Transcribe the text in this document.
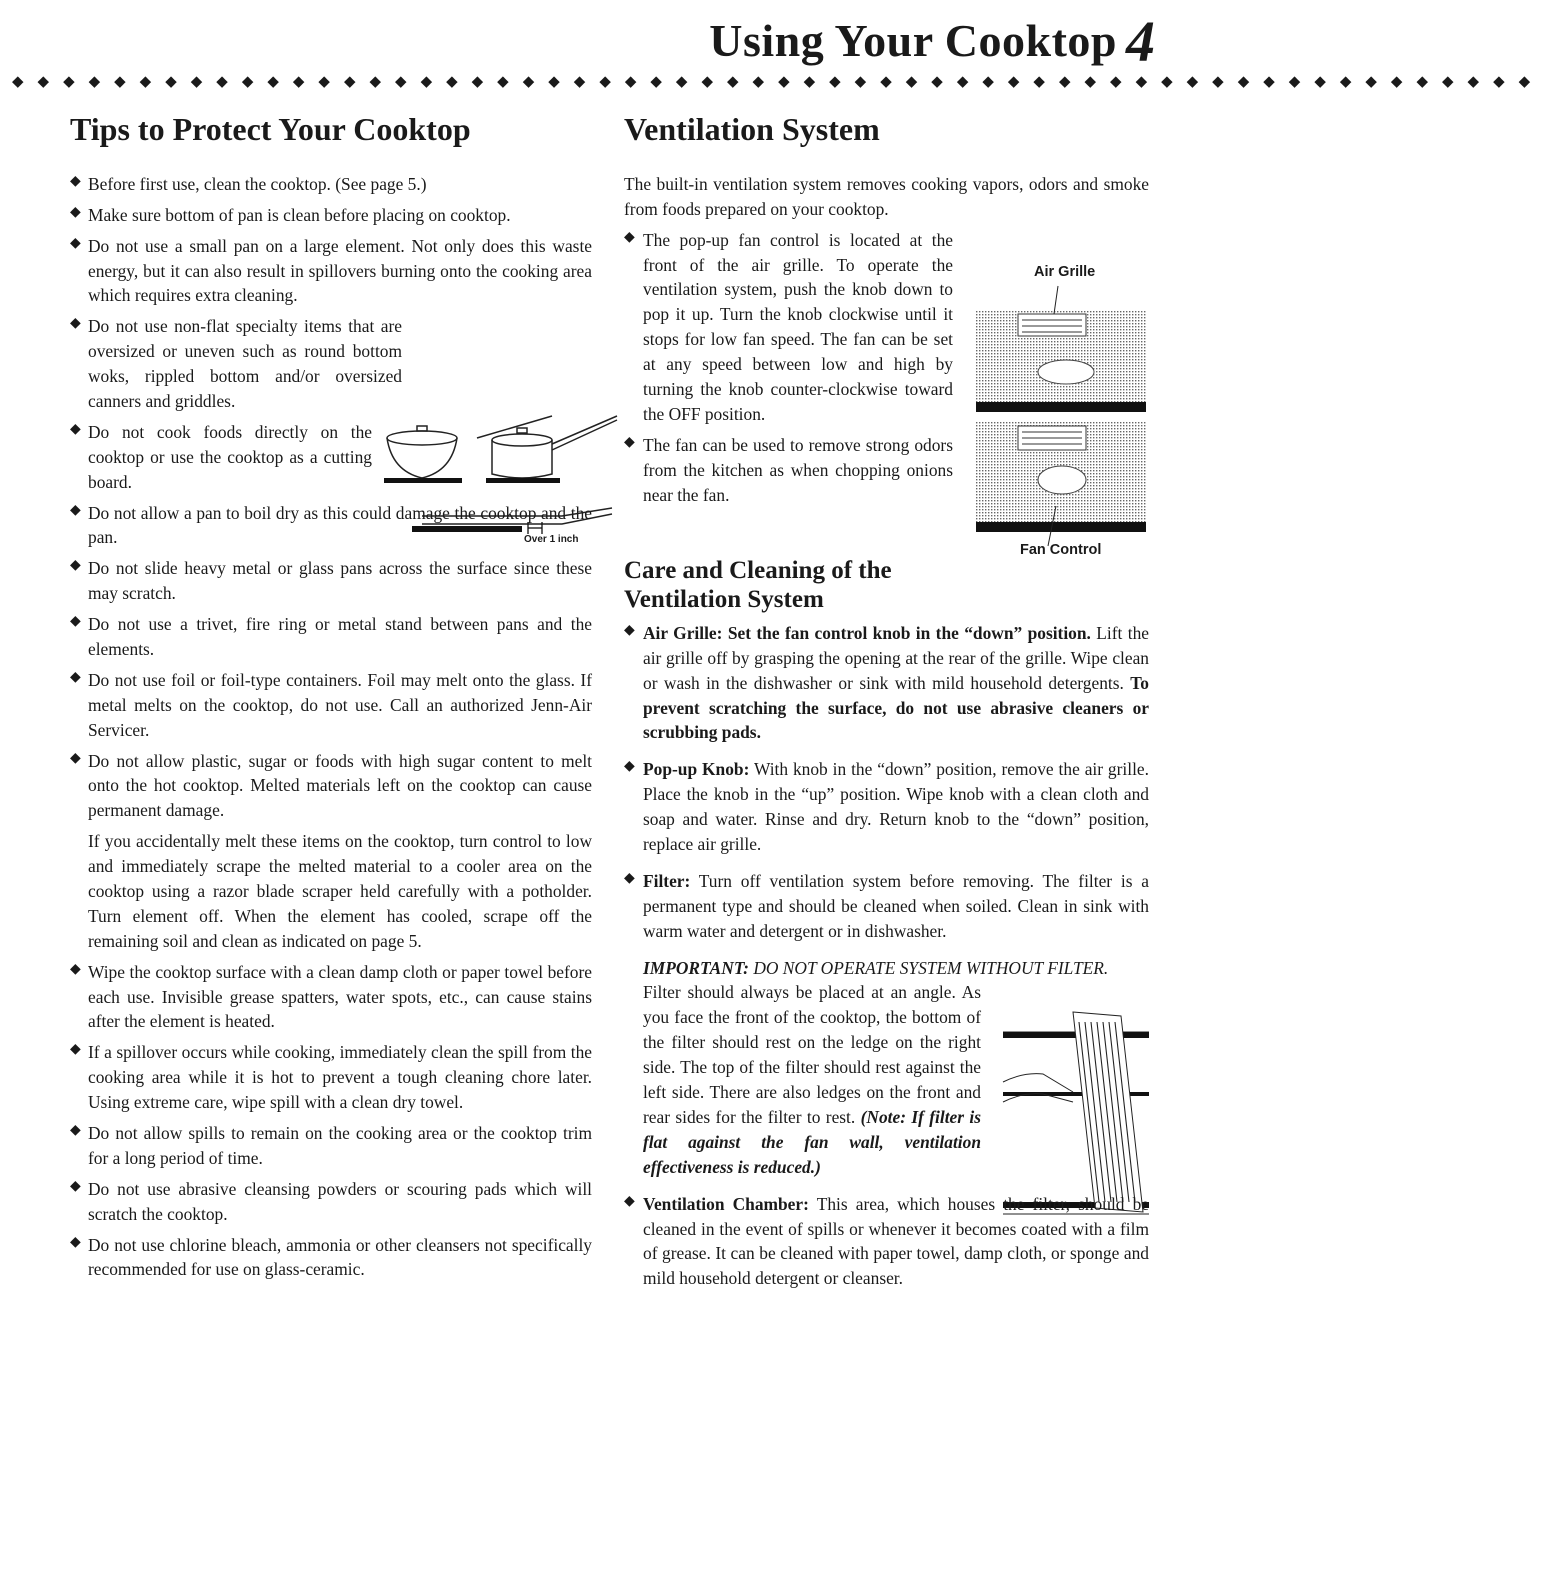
Using Your Cooktop 4
◆◆◆◆◆◆◆◆◆◆◆◆◆◆◆◆◆◆◆◆◆◆◆◆◆◆◆◆◆◆◆◆◆◆◆◆◆◆◆◆◆◆◆◆◆◆◆◆◆◆◆◆◆◆◆◆◆◆◆◆
Tips to Protect Your Cooktop
◆ Before first use, clean the cooktop. (See page 5.)
◆ Make sure bottom of pan is clean before placing on cooktop.
◆ Do not use a small pan on a large element. Not only does this waste energy, but it can also result in spillovers burning onto the cooking area which requires extra cleaning.
◆ Do not use non-flat specialty items that are oversized or uneven such as round bottom woks, rippled bottom and/or oversized canners and griddles.
◆ Do not cook foods directly on the cooktop or use the cooktop as a cutting board.
Over 1 inch
◆ Do not allow a pan to boil dry as this could damage the cooktop and the pan.
◆ Do not slide heavy metal or glass pans across the surface since these may scratch.
◆ Do not use a trivet, fire ring or metal stand between pans and the elements.
◆ Do not use foil or foil-type containers. Foil may melt onto the glass. If metal melts on the cooktop, do not use. Call an authorized Jenn-Air Servicer.
◆ Do not allow plastic, sugar or foods with high sugar content to melt onto the hot cooktop. Melted materials left on the cooktop can cause permanent damage.
If you accidentally melt these items on the cooktop, turn control to low and immediately scrape the melted material to a cooler area on the cooktop using a razor blade scraper held carefully with a potholder. Turn element off. When the element has cooled, scrape off the remaining soil and clean as indicated on page 5.
◆ Wipe the cooktop surface with a clean damp cloth or paper towel before each use. Invisible grease spatters, water spots, etc., can cause stains after the element is heated.
◆ If a spillover occurs while cooking, immediately clean the spill from the cooking area while it is hot to prevent a tough cleaning chore later. Using extreme care, wipe spill with a clean dry towel.
◆ Do not allow spills to remain on the cooking area or the cooktop trim for a long period of time.
◆ Do not use abrasive cleansing powders or scouring pads which will scratch the cooktop.
◆ Do not use chlorine bleach, ammonia or other cleansers not specifically recommended for use on glass-ceramic.
Ventilation System
The built-in ventilation system removes cooking vapors, odors and smoke from foods prepared on your cooktop.
◆ The pop-up fan control is located at the front of the air grille. To operate the ventilation system, push the knob down to pop it up. Turn the knob clockwise until it stops for low fan speed. The fan can be set at any speed between low and high by turning the knob counter-clockwise toward the OFF position.
◆ The fan can be used to remove strong odors from the kitchen as when chopping onions near the fan.
Air Grille
Fan Control
Care and Cleaning of the
Ventilation System
◆ Air Grille: Set the fan control knob in the “down” position. Lift the air grille off by grasping the opening at the rear of the grille. Wipe clean or wash in the dishwasher or sink with mild household detergents. To prevent scratching the surface, do not use abrasive cleaners or scrubbing pads.
◆ Pop-up Knob: With knob in the “down” position, remove the air grille. Place the knob in the “up” position. Wipe knob with a clean cloth and soap and water. Rinse and dry. Return knob to the “down” position, replace air grille.
◆ Filter: Turn off ventilation system before removing. The filter is a permanent type and should be cleaned when soiled. Clean in sink with warm water and detergent or in dishwasher.
IMPORTANT: DO NOT OPERATE SYSTEM WITHOUT FILTER.
Filter should always be placed at an angle. As you face the front of the cooktop, the bottom of the filter should rest on the ledge on the right side. The top of the filter should rest against the left side. There are also ledges on the front and rear sides for the filter to rest. (Note: If filter is flat against the fan wall, ventilation effectiveness is reduced.)
◆ Ventilation Chamber: This area, which houses the filter, should be cleaned in the event of spills or whenever it becomes coated with a film of grease. It can be cleaned with paper towel, damp cloth, or sponge and mild household detergent or cleanser.
